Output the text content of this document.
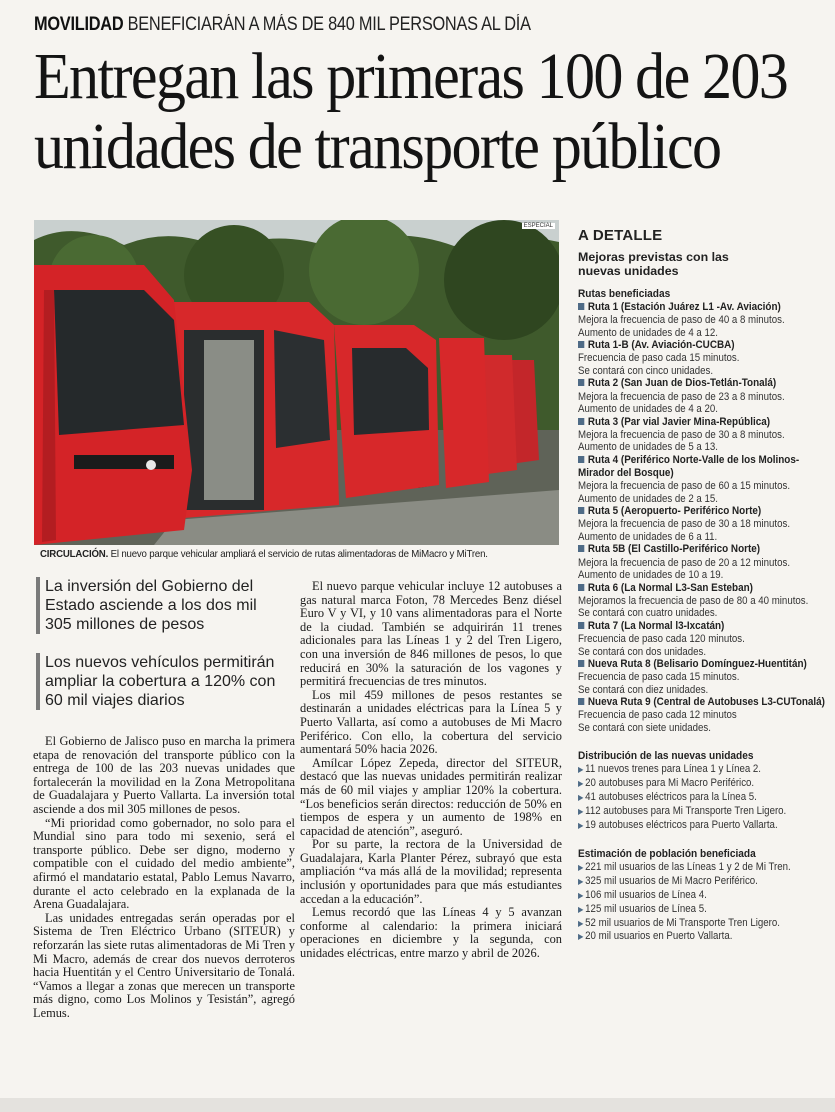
MOVILIDAD BENEFICIARÁN A MÁS DE 840 MIL PERSONAS AL DÍA
Entregan las primeras 100 de 203
unidades de transporte público
ESPECIAL
CIRCULACIÓN. El nuevo parque vehicular ampliará el servicio de rutas alimentadoras de MiMacro y MiTren.
La inversión del Gobierno del Estado asciende a los dos mil 305 millones de pesos
Los nuevos vehículos permitirán ampliar la cobertura a 120% con 60 mil viajes diarios

El Gobierno de Jalisco puso en marcha la primera etapa de renovación del transporte público con la entrega de 100 de las 203 nuevas unidades que fortalecerán la movilidad en la Zona Metropolitana de Guadalajara y Puerto Vallarta. La inversión total asciende a dos mil 305 millones de pesos.

“Mi prioridad como gobernador, no solo para el Mundial sino para todo mi sexenio, será el transporte público. Debe ser digno, moderno y compatible con el cuidado del medio ambiente”, afirmó el mandatario estatal, Pablo Lemus Navarro, durante el acto celebrado en la explanada de la Arena Guadalajara.

Las unidades entregadas serán operadas por el Sistema de Tren Eléctrico Urbano (SITEUR) y reforzarán las siete rutas alimentadoras de Mi Tren y Mi Macro, además de crear dos nuevos derroteros hacia Huentitán y el Centro Universitario de Tonalá. “Vamos a llegar a zonas que merecen un transporte más digno, como Los Molinos y Tesistán”, agregó Lemus.

El nuevo parque vehicular incluye 12 autobuses a gas natural marca Foton, 78 Mercedes Benz diésel Euro V y VI, y 10 vans alimentadoras para el Norte de la ciudad. También se adquirirán 11 trenes adicionales para las Líneas 1 y 2 del Tren Ligero, con una inversión de 846 millones de pesos, lo que reducirá en 30% la saturación de los vagones y permitirá frecuencias de tres minutos.

Los mil 459 millones de pesos restantes se destinarán a unidades eléctricas para la Línea 5 y Puerto Vallarta, así como a autobuses de Mi Macro Periférico. Con ello, la cobertura del servicio aumentará 50% hacia 2026.

Amílcar López Zepeda, director del SITEUR, destacó que las nuevas unidades permitirán realizar más de 60 mil viajes y ampliar 120% la cobertura. “Los beneficios serán directos: reducción de 50% en tiempos de espera y un aumento de 198% en capacidad de atención”, aseguró.

Por su parte, la rectora de la Universidad de Guadalajara, Karla Planter Pérez, subrayó que esta ampliación “va más allá de la movilidad; representa inclusión y oportunidades para que más estudiantes accedan a la educación”.

Lemus recordó que las Líneas 4 y 5 avanzan conforme al calendario: la primera iniciará operaciones en diciembre y la segunda, con unidades eléctricas, entre marzo y abril de 2026.

A DETALLE
Mejoras previstas con las nuevas unidades
Rutas beneficiadas
Ruta 1 (Estación Juárez L1 -Av. Aviación)
Mejora la frecuencia de paso de 40 a 8 minutos.
Aumento de unidades de 4 a 12.
Ruta 1-B (Av. Aviación-CUCBA)
Frecuencia de paso cada 15 minutos.
Se contará con cinco unidades.
Ruta 2 (San Juan de Dios-Tetlán-Tonalá)
Mejora la frecuencia de paso de 23 a 8 minutos.
Aumento de unidades de 4 a 20.
Ruta 3 (Par vial Javier Mina-República)
Mejora la frecuencia de paso de 30 a 8 minutos.
Aumento de unidades de 5 a 13.
Ruta 4 (Periférico Norte-Valle de los Molinos-
Mirador del Bosque)
Mejora la frecuencia de paso de 60 a 15 minutos.
Aumento de unidades de 2 a 15.
Ruta 5 (Aeropuerto- Periférico Norte)
Mejora la frecuencia de paso de 30 a 18 minutos.
Aumento de unidades de 6 a 11.
Ruta 5B (El Castillo-Periférico Norte)
Mejora la frecuencia de paso de 20 a 12 minutos.
Aumento de unidades de 10 a 19.
Ruta 6 (La Normal L3-San Esteban)
Mejoramos la frecuencia de paso de 80 a 40 minutos.
Se contará con cuatro unidades.
Ruta 7 (La Normal l3-Ixcatán)
Frecuencia de paso cada 120 minutos.
Se contará con dos unidades.
Nueva Ruta 8 (Belisario Domínguez-Huentitán)
Frecuencia de paso cada 15 minutos.
Se contará con diez unidades.
Nueva Ruta 9 (Central de Autobuses L3-CUTonalá)
Frecuencia de paso cada 12 minutos
Se contará con siete unidades.
Distribución de las nuevas unidades
▶ 11 nuevos trenes para Línea 1 y Línea 2.
▶ 20 autobuses para Mi Macro Periférico.
▶ 41 autobuses eléctricos para la Línea 5.
▶ 112 autobuses para Mi Transporte Tren Ligero.
▶ 19 autobuses eléctricos para Puerto Vallarta.
Estimación de población beneficiada
▶ 221 mil usuarios de las Líneas 1 y 2 de Mi Tren.
▶ 325 mil usuarios de Mi Macro Periférico.
▶ 106 mil usuarios de Línea 4.
▶ 125 mil usuarios de Línea 5.
▶ 52 mil usuarios de Mi Transporte Tren Ligero.
▶ 20 mil usuarios en Puerto Vallarta.
